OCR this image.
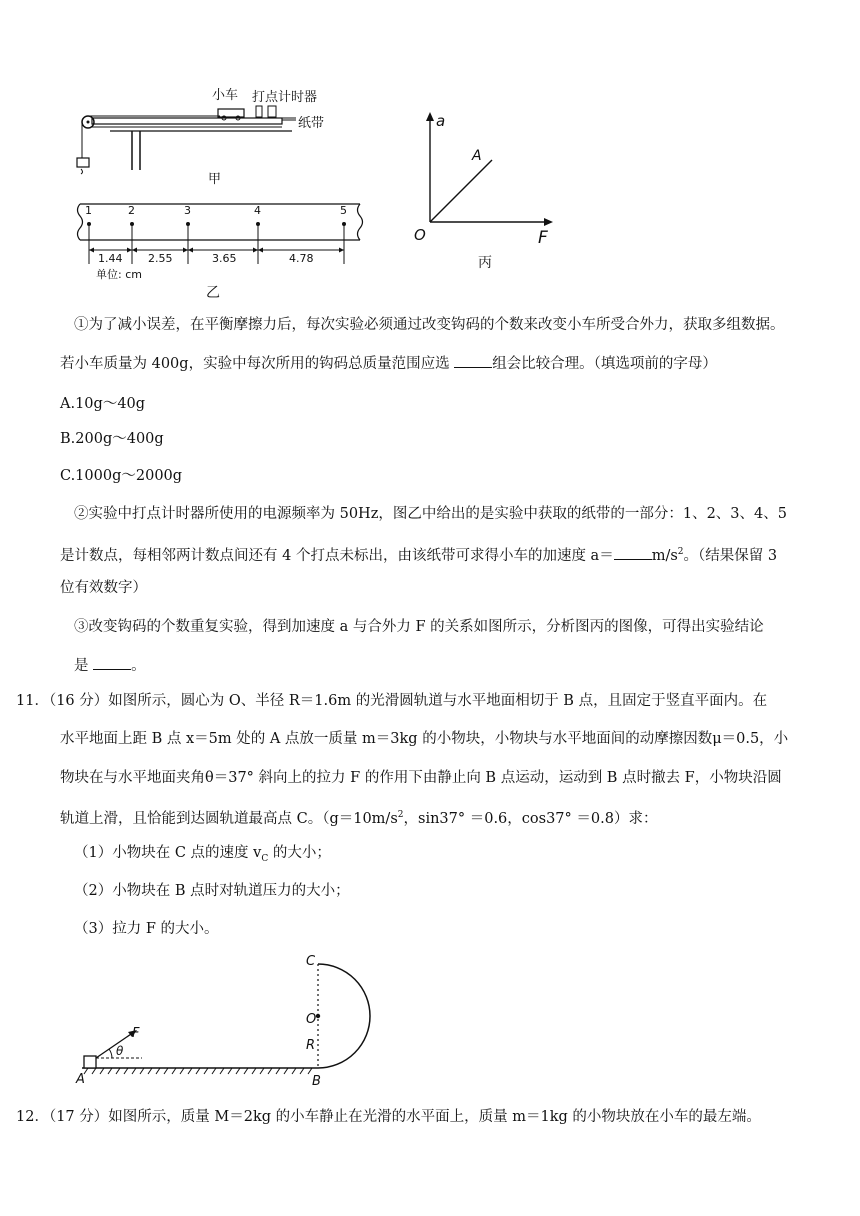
小车 打点计时器
纸带
甲
1	2	3	4	5
1.44 2.55	3.65	4.78
单位: cm
乙
a
A
O	F
丙
①为了减小误差，在平衡摩擦力后，每次实验必须通过改变钩码的个数来改变小车所受合外力，获取多组数据。
若小车质量为 400g，实验中每次所用的钩码总质量范围应选	组会比较合理。（填选项前的字母）
A.10g～40g
B.200g～400g
C.1000g～2000g
②实验中打点计时器所使用的电源频率为 50Hz，图乙中给出的是实验中获取的纸带的一部分：1、2、3、4、5
是计数点，每相邻两计数点间还有 4 个打点未标出，由该纸带可求得小车的加速度 a＝	$m/s^2$。（结果保留 3
位有效数字）
③改变钩码的个数重复实验，得到加速度 a 与合外力 F 的关系如图所示，分析图丙的图像，可得出实验结论
是	。
11．（16 分）如图所示，圆心为 O、半径 R＝1.6m 的光滑圆轨道与水平地面相切于 B 点，且固定于竖直平面内。在
水平地面上距 B 点 x＝5m 处的 A 点放一质量 m＝3kg 的小物块，小物块与水平地面间的动摩擦因数μ＝0.5，小
物块在与水平地面夹角θ＝37° 斜向上的拉力 F 的作用下由静止向 B 点运动，运动到 B 点时撤去 F，小物块沿圆
轨道上滑，且恰能到达圆轨道最高点 C。（$g=10m/s^2$，sin37° ＝0.6，cos37° ＝0.8）求：
（1）小物块在 C 点的速度 $v_C$ 的大小；
（2）小物块在 B 点时对轨道压力的大小；
（3）拉力 F 的大小。
C
O
R
A	B
F
θ
12．（17 分）如图所示，质量 M＝2kg 的小车静止在光滑的水平面上，质量 m＝1kg 的小物块放在小车的最左端。
